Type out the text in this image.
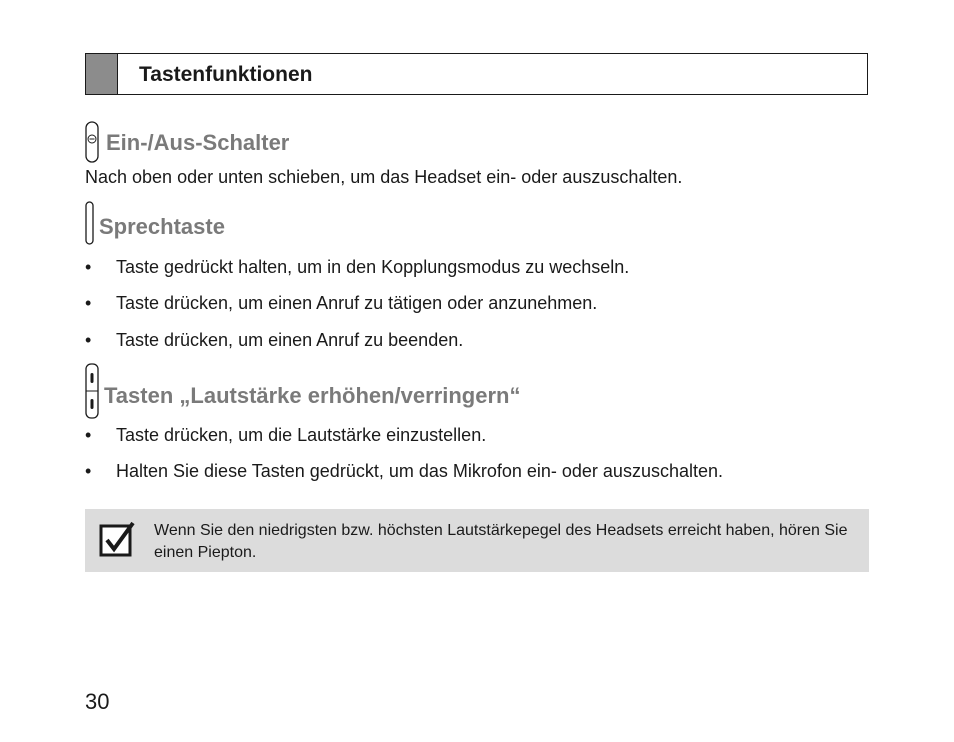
Tastenfunktionen
Ein-/Aus-Schalter
Nach oben oder unten schieben, um das Headset ein- oder auszuschalten.
Sprechtaste
• Taste gedrückt halten, um in den Kopplungsmodus zu wechseln.
• Taste drücken, um einen Anruf zu tätigen oder anzunehmen.
• Taste drücken, um einen Anruf zu beenden.
Tasten „Lautstärke erhöhen/verringern“
• Taste drücken, um die Lautstärke einzustellen.
• Halten Sie diese Tasten gedrückt, um das Mikrofon ein- oder auszuschalten.
Wenn Sie den niedrigsten bzw. höchsten Lautstärkepegel des Headsets erreicht haben, hören Sie einen Piepton.
30
